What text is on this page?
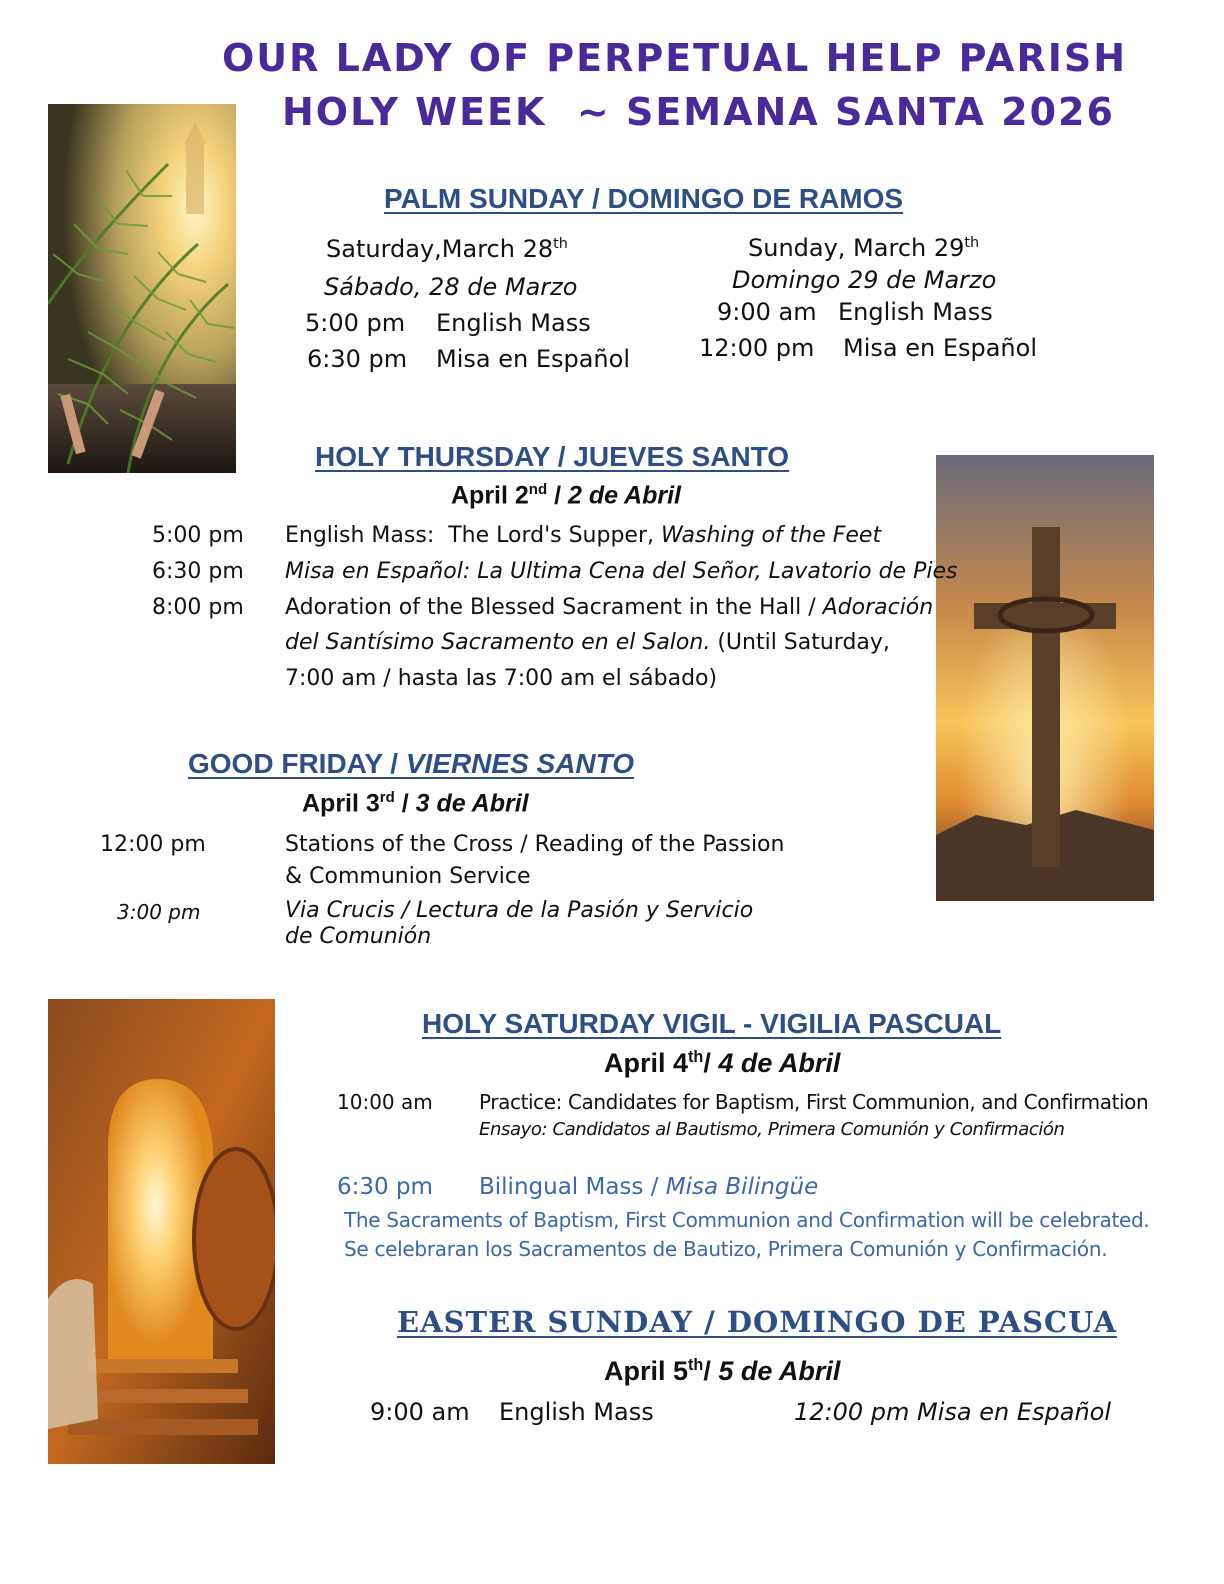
OUR LADY OF PERPETUAL HELP PARISH
HOLY WEEK  ~ SEMANA SANTA 2026
PALM SUNDAY / DOMINGO DE RAMOS
Saturday,March 28th
Sábado, 28 de Marzo
5:00 pm English Mass
6:30 pm Misa en Español
Sunday, March 29th
Domingo 29 de Marzo
9:00 am English Mass
12:00 pm Misa en Español
HOLY THURSDAY / JUEVES SANTO
April 2nd / 2 de Abril
5:00 pm English Mass:  The Lord's Supper, Washing of the Feet
6:30 pm Misa en Español: La Ultima Cena del Señor, Lavatorio de Pies
8:00 pm Adoration of the Blessed Sacrament in the Hall / Adoración
del Santísimo Sacramento en el Salon. (Until Saturday,
7:00 am / hasta las 7:00 am el sábado)
GOOD FRIDAY / VIERNES SANTO
April 3rd / 3 de Abril
12:00 pm	Stations of the Cross / Reading of the Passion
& Communion Service
3:00 pm	Via Crucis / Lectura de la Pasión y Servicio
de Comunión
HOLY SATURDAY VIGIL - VIGILIA PASCUAL
April 4th/ 4 de Abril
10:00 am Practice: Candidates for Baptism, First Communion, and Confirmation
Ensayo: Candidatos al Bautismo, Primera Comunión y Confirmación
6:30 pm Bilingual Mass / Misa Bilingüe
The Sacraments of Baptism, First Communion and Confirmation will be celebrated.
Se celebraran los Sacramentos de Bautizo, Primera Comunión y Confirmación.
EASTER SUNDAY / DOMINGO DE PASCUA
April 5th/ 5 de Abril
9:00 am English Mass	12:00 pm Misa en Español
